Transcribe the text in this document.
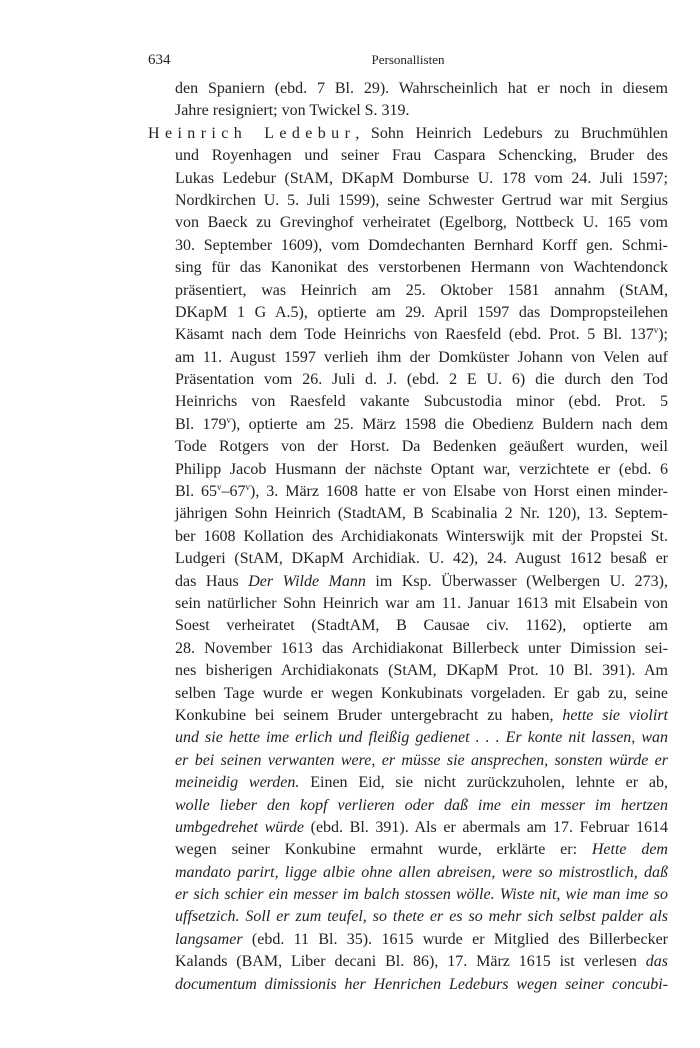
634	Personallisten
den Spaniern (ebd. 7 Bl. 29). Wahrscheinlich hat er noch in diesem
Jahre resigniert; von Twickel S. 319.
Heinrich Ledebur, Sohn Heinrich Ledeburs zu Bruchmühlen
und Royenhagen und seiner Frau Caspara Schencking, Bruder des
Lukas Ledebur (StAM, DKapM Domburse U. 178 vom 24. Juli 1597;
Nordkirchen U. 5. Juli 1599), seine Schwester Gertrud war mit Sergius
von Baeck zu Grevinghof verheiratet (Egelborg, Nottbeck U. 165 vom
30. September 1609), vom Domdechanten Bernhard Korff gen. Schmi-
sing für das Kanonikat des verstorbenen Hermann von Wachtendonck
präsentiert, was Heinrich am 25. Oktober 1581 annahm (StAM,
DKapM 1 G A.5), optierte am 29. April 1597 das Dompropsteilehen
Käsamt nach dem Tode Heinrichs von Raesfeld (ebd. Prot. 5 Bl. 137$^v$);
am 11. August 1597 verlieh ihm der Domküster Johann von Velen auf
Präsentation vom 26. Juli d. J. (ebd. 2 E U. 6) die durch den Tod
Heinrichs von Raesfeld vakante Subcustodia minor (ebd. Prot. 5
Bl. 179$^v$), optierte am 25. März 1598 die Obedienz Buldern nach dem
Tode Rotgers von der Horst. Da Bedenken geäußert wurden, weil
Philipp Jacob Husmann der nächste Optant war, verzichtete er (ebd. 6
Bl. 65$^v$–67$^v$), 3. März 1608 hatte er von Elsabe von Horst einen minder-
jährigen Sohn Heinrich (StadtAM, B Scabinalia 2 Nr. 120), 13. Septem-
ber 1608 Kollation des Archidiakonats Winterswijk mit der Propstei St.
Ludgeri (StAM, DKapM Archidiak. U. 42), 24. August 1612 besaß er
das Haus Der Wilde Mann im Ksp. Überwasser (Welbergen U. 273),
sein natürlicher Sohn Heinrich war am 11. Januar 1613 mit Elsabein von
Soest verheiratet (StadtAM, B Causae civ. 1162), optierte am
28. November 1613 das Archidiakonat Billerbeck unter Dimission sei-
nes bisherigen Archidiakonats (StAM, DKapM Prot. 10 Bl. 391). Am
selben Tage wurde er wegen Konkubinats vorgeladen. Er gab zu, seine
Konkubine bei seinem Bruder untergebracht zu haben, hette sie violirt
und sie hette ime erlich und fleißig gedienet . . . Er konte nit lassen, wan
er bei seinen verwanten were, er müsse sie ansprechen, sonsten würde er
meineidig werden. Einen Eid, sie nicht zurückzuholen, lehnte er ab,
wolle lieber den kopf verlieren oder daß ime ein messer im hertzen
umbgedrehet würde (ebd. Bl. 391). Als er abermals am 17. Februar 1614
wegen seiner Konkubine ermahnt wurde, erklärte er: Hette dem
mandato parirt, ligge albie ohne allen abreisen, were so mistrostlich, daß
er sich schier ein messer im balch stossen wölle. Wiste nit, wie man ime so
uffsetzich. Soll er zum teufel, so thete er es so mehr sich selbst palder als
langsamer (ebd. 11 Bl. 35). 1615 wurde er Mitglied des Billerbecker
Kalands (BAM, Liber decani Bl. 86), 17. März 1615 ist verlesen das
documentum dimissionis her Henrichen Ledeburs wegen seiner concubi-
